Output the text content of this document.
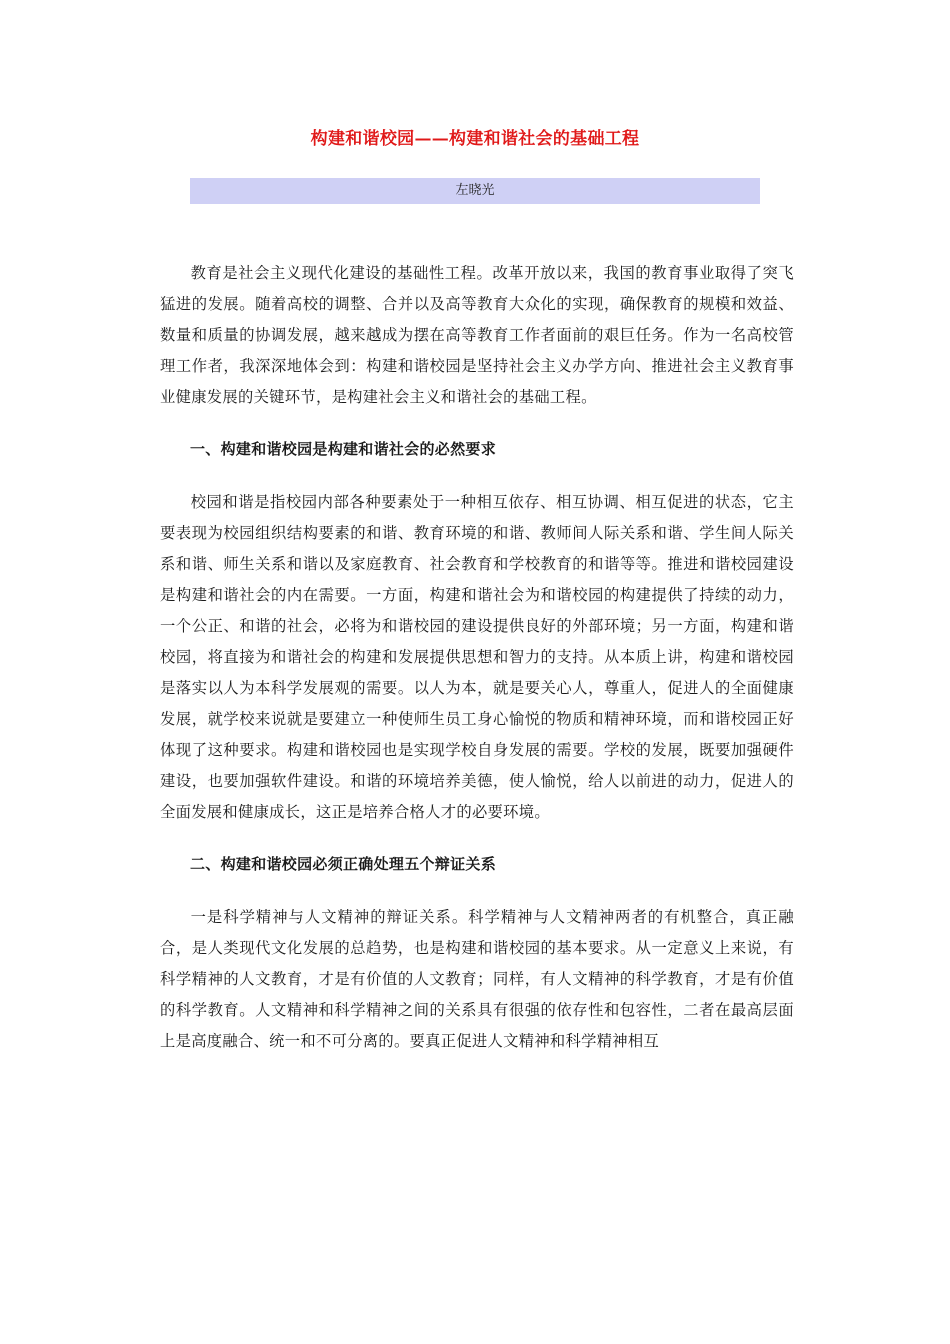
构建和谐校园——构建和谐社会的基础工程
左晓光

教育是社会主义现代化建设的基础性工程。改革开放以来，我国的教育事业取得了突飞猛进的发展。随着高校的调整、合并以及高等教育大众化的实现，确保教育的规模和效益、数量和质量的协调发展，越来越成为摆在高等教育工作者面前的艰巨任务。作为一名高校管理工作者，我深深地体会到：构建和谐校园是坚持社会主义办学方向、推进社会主义教育事业健康发展的关键环节，是构建社会主义和谐社会的基础工程。

一、构建和谐校园是构建和谐社会的必然要求

校园和谐是指校园内部各种要素处于一种相互依存、相互协调、相互促进的状态，它主要表现为校园组织结构要素的和谐、教育环境的和谐、教师间人际关系和谐、学生间人际关系和谐、师生关系和谐以及家庭教育、社会教育和学校教育的和谐等等。推进和谐校园建设是构建和谐社会的内在需要。一方面，构建和谐社会为和谐校园的构建提供了持续的动力，一个公正、和谐的社会，必将为和谐校园的建设提供良好的外部环境；另一方面，构建和谐校园，将直接为和谐社会的构建和发展提供思想和智力的支持。从本质上讲，构建和谐校园是落实以人为本科学发展观的需要。以人为本，就是要关心人，尊重人，促进人的全面健康发展，就学校来说就是要建立一种使师生员工身心愉悦的物质和精神环境，而和谐校园正好体现了这种要求。构建和谐校园也是实现学校自身发展的需要。学校的发展，既要加强硬件建设，也要加强软件建设。和谐的环境培养美德，使人愉悦，给人以前进的动力，促进人的全面发展和健康成长，这正是培养合格人才的必要环境。

二、构建和谐校园必须正确处理五个辩证关系

一是科学精神与人文精神的辩证关系。科学精神与人文精神两者的有机整合，真正融合，是人类现代文化发展的总趋势，也是构建和谐校园的基本要求。从一定意义上来说，有科学精神的人文教育，才是有价值的人文教育；同样，有人文精神的科学教育，才是有价值的科学教育。人文精神和科学精神之间的关系具有很强的依存性和包容性，二者在最高层面上是高度融合、统一和不可分离的。要真正促进人文精神和科学精神相互
